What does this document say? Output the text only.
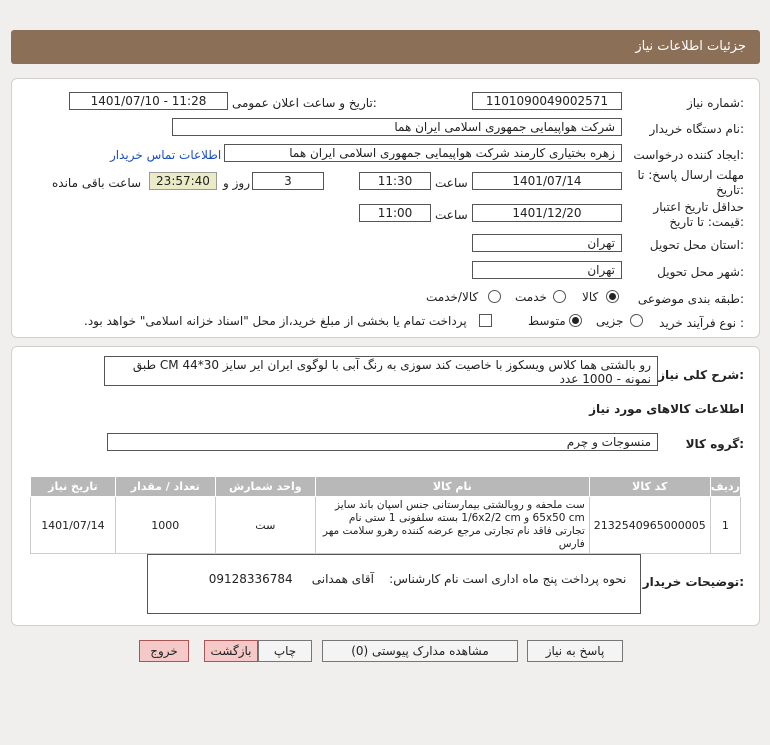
جزئیات اطلاعات نیاز
شماره نیاز:
1101090049002571
تاریخ و ساعت اعلان عمومی:
1401/07/10 - 11:28
نام دستگاه خریدار:
شرکت هواپیمایی جمهوری اسلامی ایران هما
ایجاد کننده درخواست:
زهره بختیاری کارمند شرکت هواپیمایی جمهوری اسلامی ایران هما
اطلاعات تماس خریدار
مهلت ارسال پاسخ: تا
تاریخ:
1401/07/14
ساعت
11:30
3
روز و
23:57:40
ساعت باقی مانده
حداقل تاریخ اعتبار
قیمت: تا تاریخ:
1401/12/20
ساعت
11:00
استان محل تحویل:
تهران
شهر محل تحویل:
تهران
طبقه بندی موضوعی:
کالا
خدمت
کالا/خدمت
نوع فرآیند خرید :
جزیی
متوسط
پرداخت تمام یا بخشی از مبلغ خرید،از محل "اسناد خزانه اسلامی" خواهد بود.
شرح کلی نیاز:
رو بالشتی هما کلاس ویسکوز با خاصیت کند سوزی به رنگ آبی با لوگوی ایران ایر سایز 30*44 CM طبق نمونه - 1000 عدد
اطلاعات کالاهای مورد نیاز
گروه کالا:
منسوجات و چرم
ردیف	کد کالا	نام کالا	واحد شمارش	تعداد / مقدار	تاریخ نیاز
1	2132540965000005	ست ملحفه و روبالشتی بیمارستانی جنس اسپان باند سایز 65x50 cm و 1/6x2/2 cm بسته سلفونی 1 ستی نام تجارتی فاقد نام تجارتی مرجع عرضه کننده رهرو سلامت مهر فارس	ست	1000	1401/07/14
توضیحات خریدار:

نحوه پرداخت پنج ماه اداری است نام کارشناس:    آقای همدانی     09128336784

پاسخ به نیاز
مشاهده مدارک پیوستی (0)
چاپ
بازگشت
خروج
